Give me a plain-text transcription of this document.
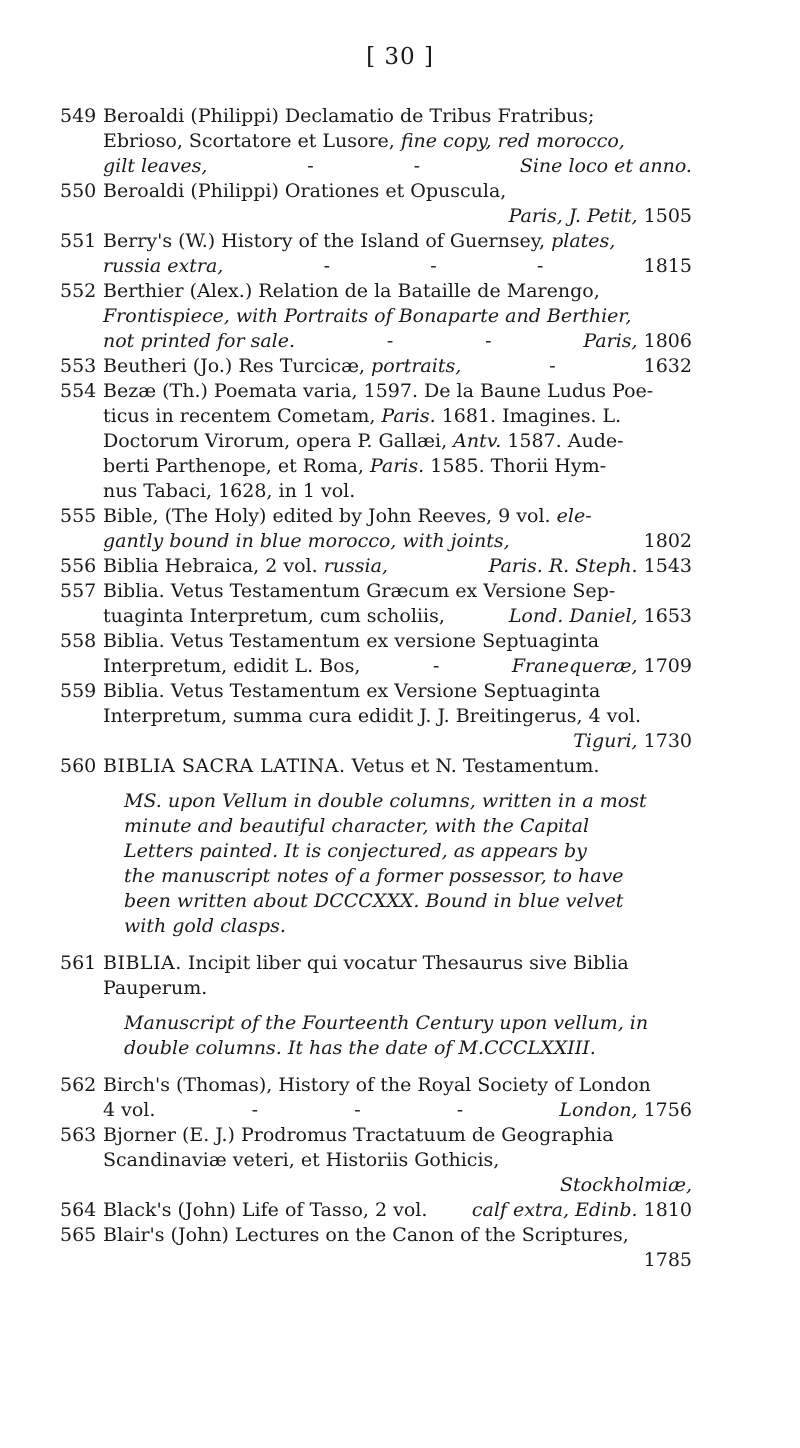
[ 30 ]
549 Beroaldi (Philippi) Declamatio de Tribus Fratribus;
Ebrioso, Scortatore et Lusore, fine copy, red morocco,
gilt leaves,	-	-	Sine loco et anno.
550 Beroaldi (Philippi) Orationes et Opuscula,
Paris, J. Petit, 1505
551 Berry's (W.) History of the Island of Guernsey, plates,
russia extra,	-	-	-	1815
552 Berthier (Alex.) Relation de la Bataille de Marengo,
Frontispiece, with Portraits of Bonaparte and Berthier,
not printed for sale.	-	-	Paris, 1806
553 Beutheri (Jo.) Res Turcicæ, portraits,	-	1632
554 Bezæ (Th.) Poemata varia, 1597. De la Baune Ludus Poe-
ticus in recentem Cometam, Paris. 1681. Imagines. L.
Doctorum Virorum, opera P. Gallæi, Antv. 1587. Aude-
berti Parthenope, et Roma, Paris. 1585. Thorii Hym-
nus Tabaci, 1628, in 1 vol.
555 Bible, (The Holy) edited by John Reeves, 9 vol. ele-
gantly bound in blue morocco, with joints,	1802
556 Biblia Hebraica, 2 vol. russia,	Paris. R. Steph. 1543
557 Biblia. Vetus Testamentum Græcum ex Versione Sep-
tuaginta Interpretum, cum scholiis,	Lond. Daniel, 1653
558 Biblia. Vetus Testamentum ex versione Septuaginta
Interpretum, edidit L. Bos,	-	Franequeræ, 1709
559 Biblia. Vetus Testamentum ex Versione Septuaginta
Interpretum, summa cura edidit J. J. Breitingerus, 4 vol.
Tiguri, 1730
560 BIBLIA SACRA LATINA. Vetus et N. Testamentum.
MS. upon Vellum in double columns, written in a most
minute and beautiful character, with the Capital
Letters painted. It is conjectured, as appears by
the manuscript notes of a former possessor, to have
been written about DCCCXXX. Bound in blue velvet
with gold clasps.
561 BIBLIA. Incipit liber qui vocatur Thesaurus sive Biblia
Pauperum.
Manuscript of the Fourteenth Century upon vellum, in
double columns. It has the date of M.CCCLXXIII.
562 Birch's (Thomas), History of the Royal Society of London
4 vol.	-	-	-	London, 1756
563 Bjorner (E. J.) Prodromus Tractatuum de Geographia
Scandinaviæ veteri, et Historiis Gothicis,
Stockholmiæ,
564 Black's (John) Life of Tasso, 2 vol. calf extra, Edinb. 1810
565 Blair's (John) Lectures on the Canon of the Scriptures,
1785
